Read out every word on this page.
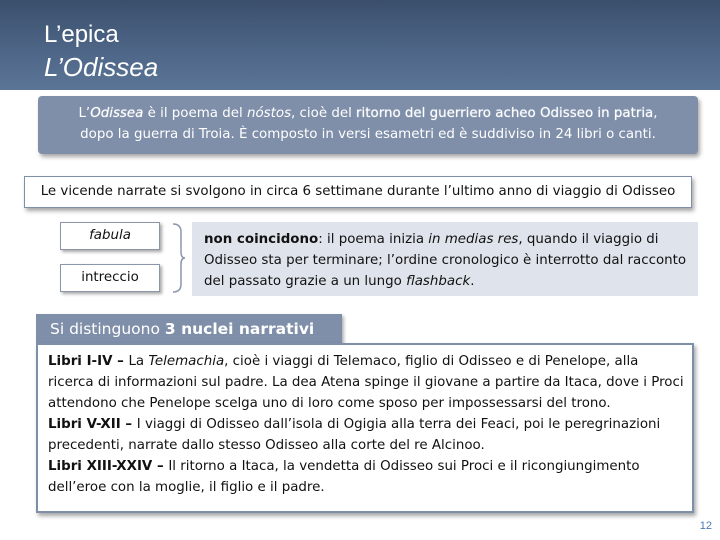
L’epica
L’Odissea
L’Odissea è il poema del nóstos, cioè del ritorno del guerriero acheo Odisseo in patria,
dopo la guerra di Troia. È composto in versi esametri ed è suddiviso in 24 libri o canti.
Le vicende narrate si svolgono in circa 6 settimane durante l’ultimo anno di viaggio di Odisseo
fabula
intreccio
non coincidono: il poema inizia in medias res, quando il viaggio di Odisseo sta per terminare; l’ordine cronologico è interrotto dal racconto del passato grazie a un lungo flashback.
Si distinguono 3 nuclei narrativi
Libri I-IV – La Telemachia, cioè i viaggi di Telemaco, figlio di Odisseo e di Penelope, alla ricerca di informazioni sul padre. La dea Atena spinge il giovane a partire da Itaca, dove i Proci attendono che Penelope scelga uno di loro come sposo per impossessarsi del trono.
Libri V-XII – I viaggi di Odisseo dall’isola di Ogigia alla terra dei Feaci, poi le peregrinazioni precedenti, narrate dallo stesso Odisseo alla corte del re Alcinoo.
Libri XIII-XXIV – Il ritorno a Itaca, la vendetta di Odisseo sui Proci e il ricongiungimento dell’eroe con la moglie, il figlio e il padre.
12
